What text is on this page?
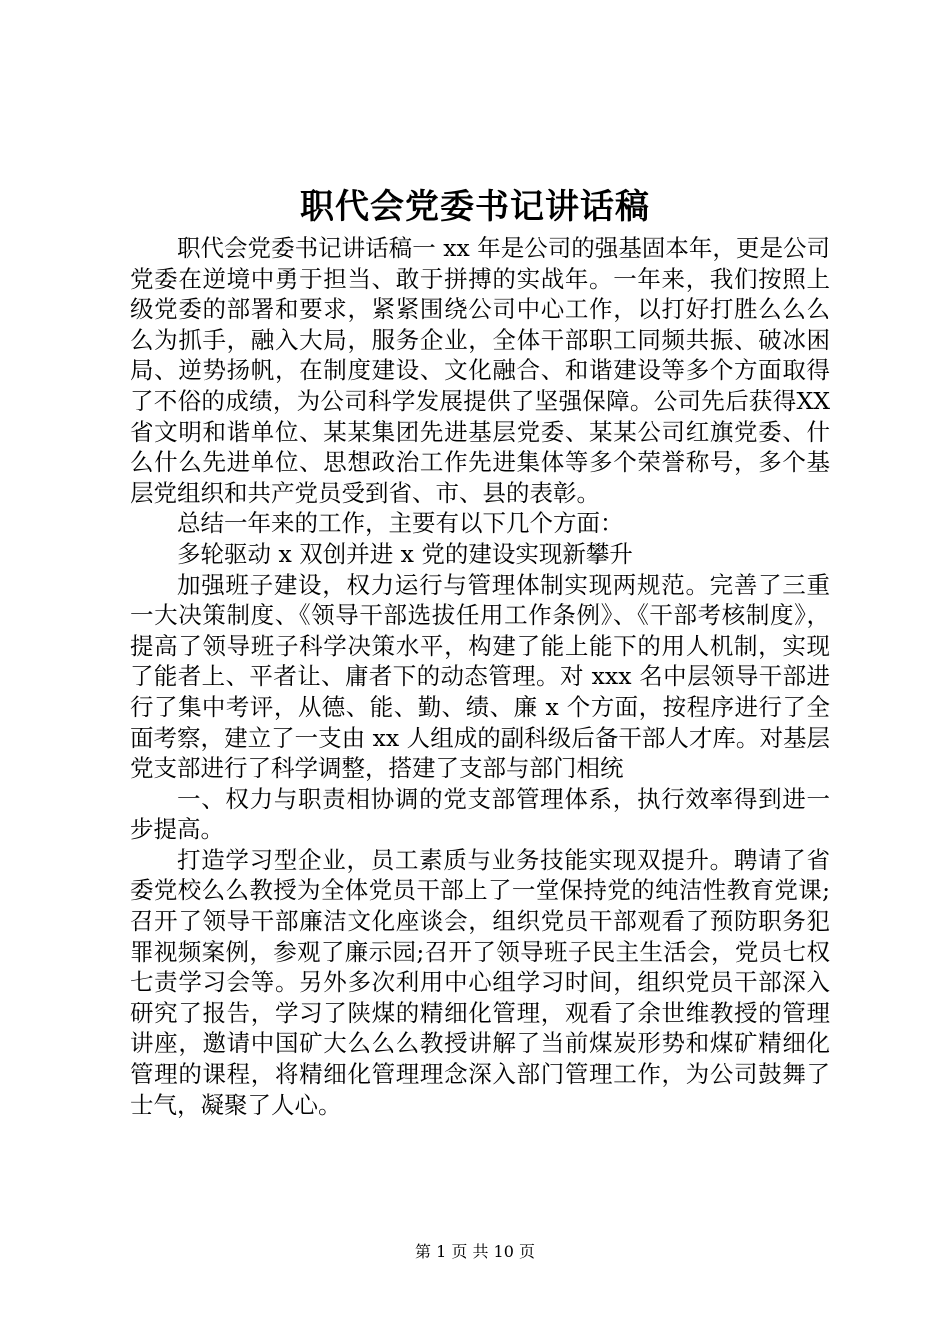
职代会党委书记讲话稿

职代会党委书记讲话稿一 xx 年是公司的强基固本年，更是公司党委在逆境中勇于担当、敢于拼搏的实战年。一年来，我们按照上级党委的部署和要求，紧紧围绕公司中心工作，以打好打胜么么么么为抓手，融入大局，服务企业，全体干部职工同频共振、破冰困局、逆势扬帆，在制度建设、文化融合、和谐建设等多个方面取得了不俗的成绩，为公司科学发展提供了坚强保障。公司先后获得XX省文明和谐单位、某某集团先进基层党委、某某公司红旗党委、什么什么先进单位、思想政治工作先进集体等多个荣誉称号，多个基层党组织和共产党员受到省、市、县的表彰。

总结一年来的工作，主要有以下几个方面：

多轮驱动 x 双创并进 x 党的建设实现新攀升

加强班子建设，权力运行与管理体制实现两规范。完善了三重一大决策制度、《领导干部选拔任用工作条例》、《干部考核制度》，提高了领导班子科学决策水平，构建了能上能下的用人机制，实现了能者上、平者让、庸者下的动态管理。对 xxx 名中层领导干部进行了集中考评，从德、能、勤、绩、廉 x 个方面，按程序进行了全面考察，建立了一支由 xx 人组成的副科级后备干部人才库。对基层党支部进行了科学调整，搭建了支部与部门相统

一、权力与职责相协调的党支部管理体系，执行效率得到进一步提高。

打造学习型企业，员工素质与业务技能实现双提升。聘请了省委党校么么教授为全体党员干部上了一堂保持党的纯洁性教育党课;召开了领导干部廉洁文化座谈会，组织党员干部观看了预防职务犯罪视频案例，参观了廉示园;召开了领导班子民主生活会，党员七权七责学习会等。另外多次利用中心组学习时间，组织党员干部深入研究了报告，学习了陕煤的精细化管理，观看了余世维教授的管理讲座，邀请中国矿大么么么教授讲解了当前煤炭形势和煤矿精细化管理的课程，将精细化管理理念深入部门管理工作，为公司鼓舞了士气，凝聚了人心。

第 1 页 共 10 页
